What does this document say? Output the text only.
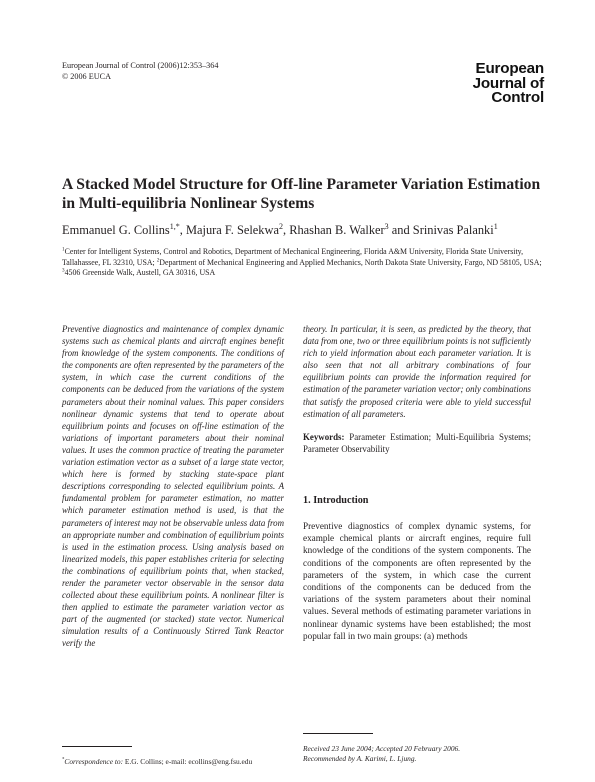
European Journal of Control (2006)12:353–364
© 2006 EUCA	European
Journal of
Control
A Stacked Model Structure for Off-line Parameter Variation Estimation in Multi-equilibria Nonlinear Systems
Emmanuel G. Collins$^{1,*}$, Majura F. Selekwa$^2$, Rhashan B. Walker$^3$ and Srinivas Palanki$^1$
$^1$Center for Intelligent Systems, Control and Robotics, Department of Mechanical Engineering, Florida A&M University, Florida State University, Tallahassee, FL 32310, USA; $^2$Department of Mechanical Engineering and Applied Mechanics, North Dakota State University, Fargo, ND 58105, USA; $^3$4506 Greenside Walk, Austell, GA 30316, USA
Preventive diagnostics and maintenance of complex dynamic systems such as chemical plants and aircraft engines benefit from knowledge of the system components. The conditions of the components are often represented by the parameters of the system, in which case the current conditions of the components can be deduced from the variations of the system parameters about their nominal values. This paper considers nonlinear dynamic systems that tend to operate about equilibrium points and focuses on off-line estimation of the variations of important parameters about their nominal values. It uses the common practice of treating the parameter variation estimation vector as a subset of a large state vector, which here is formed by stacking state-space plant descriptions corresponding to selected equilibrium points. A fundamental problem for parameter estimation, no matter which parameter estimation method is used, is that the parameters of interest may not be observable unless data from an appropriate number and combination of equilibrium points is used in the estimation process. Using analysis based on linearized models, this paper establishes criteria for selecting the combinations of equilibrium points that, when stacked, render the parameter vector observable in the sensor data collected about these equilibrium points. A nonlinear filter is then applied to estimate the parameter variation vector as part of the augmented (or stacked) state vector. Numerical simulation results of a Continuously Stirred Tank Reactor verify the
theory. In particular, it is seen, as predicted by the theory, that data from one, two or three equilibrium points is not sufficiently rich to yield information about each parameter variation. It is also seen that not all arbitrary combinations of four equilibrium points can provide the information required for estimation of the parameter variation vector; only combinations that satisfy the proposed criteria were able to yield successful estimation of all parameters.
Keywords: Parameter Estimation; Multi-Equilibria Systems; Parameter Observability
1. Introduction
Preventive diagnostics of complex dynamic systems, for example chemical plants or aircraft engines, require full knowledge of the conditions of the system components. The conditions of the components are often represented by the parameters of the system, in which case the current conditions of the components can be deduced from the variations of the system parameters about their nominal values. Several methods of estimating parameter variations in nonlinear dynamic systems have been established; the most popular fall in two main groups: (a) methods
*Correspondence to: E.G. Collins; e-mail: ecollins@eng.fsu.edu
Received 23 June 2004; Accepted 20 February 2006.
Recommended by A. Karimi, L. Ljung.
